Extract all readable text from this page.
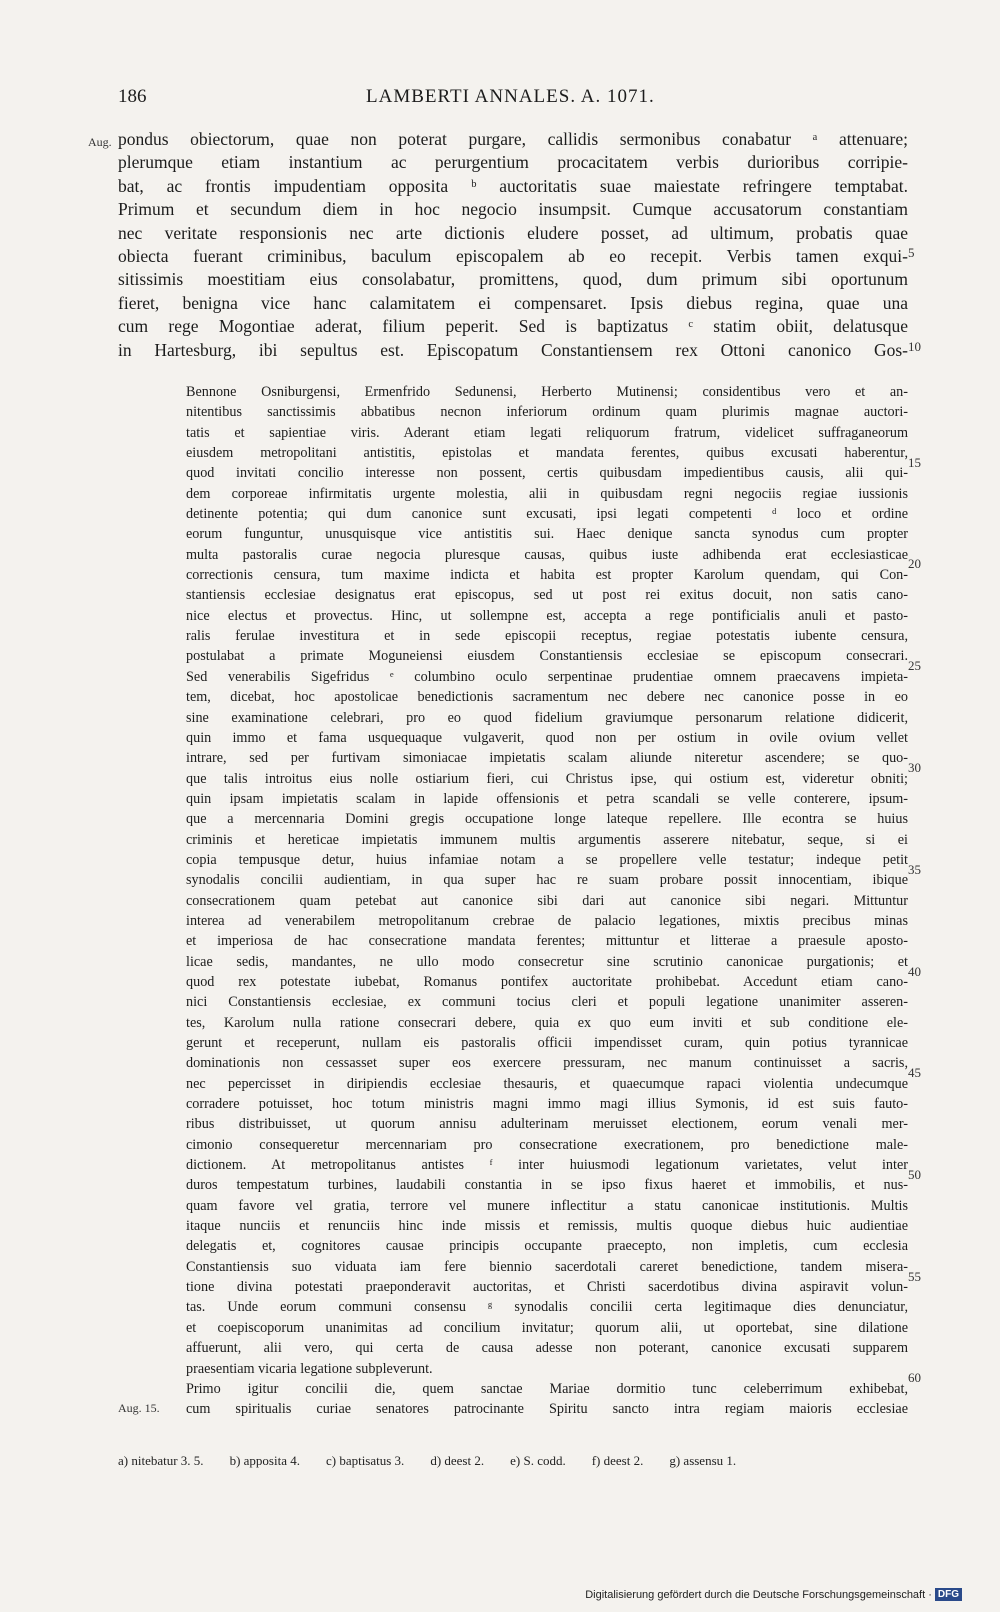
186	LAMBERTI ANNALES. A. 1071.
Aug. pondus obiectorum, quae non poterat purgare, callidis sermonibus conabatur ᵃ attenuare;
plerumque etiam instantium ac perurgentium procacitatem verbis durioribus corripie-
bat, ac frontis impudentiam opposita ᵇ auctoritatis suae maiestate refringere temptabat.
Primum et secundum diem in hoc negocio insumpsit. Cumque accusatorum constantiam
nec veritate responsionis nec arte dictionis eludere posset, ad ultimum, probatis quae
obiecta fuerant criminibus, baculum episcopalem ab eo recepit. Verbis tamen exqui-
sitissimis moestitiam eius consolabatur, promittens, quod, dum primum sibi oportunum
fieret, benigna vice hanc calamitatem ei compensaret. Ipsis diebus regina, quae una
cum rege Mogontiae aderat, filium peperit. Sed is baptizatus ᶜ statim obiit, delatusque
in Hartesburg, ibi sepultus est. Episcopatum Constantiensem rex Ottoni canonico Gos-
5
10
Bennone Osniburgensi, Ermenfrido Sedunensi, Herberto Mutinensi; considentibus vero et an-
nitentibus sanctissimis abbatibus necnon inferiorum ordinum quam plurimis magnae auctori-
tatis et sapientiae viris. Aderant etiam legati reliquorum fratrum, videlicet suffraganeorum
eiusdem metropolitani antistitis, epistolas et mandata ferentes, quibus excusati haberentur,
quod invitati concilio interesse non possent, certis quibusdam impedientibus causis, alii qui-
dem corporeae infirmitatis urgente molestia, alii in quibusdam regni negociis regiae iussionis
detinente potentia; qui dum canonice sunt excusati, ipsi legati competenti ᵈ loco et ordine
eorum funguntur, unusquisque vice antistitis sui. Haec denique sancta synodus cum propter
multa pastoralis curae negocia pluresque causas, quibus iuste adhibenda erat ecclesiasticae
correctionis censura, tum maxime indicta et habita est propter Karolum quendam, qui Con-
stantiensis ecclesiae designatus erat episcopus, sed ut post rei exitus docuit, non satis cano-
nice electus et provectus. Hinc, ut sollempne est, accepta a rege pontificialis anuli et pasto-
ralis ferulae investitura et in sede episcopii receptus, regiae potestatis iubente censura,
postulabat a primate Moguneiensi eiusdem Constantiensis ecclesiae se episcopum consecrari.
Sed venerabilis Sigefridus ᵉ columbino oculo serpentinae prudentiae omnem praecavens impieta-
tem, dicebat, hoc apostolicae benedictionis sacramentum nec debere nec canonice posse in eo
sine examinatione celebrari, pro eo quod fidelium graviumque personarum relatione didicerit,
quin immo et fama usquequaque vulgaverit, quod non per ostium in ovile ovium vellet
intrare, sed per furtivam simoniacae impietatis scalam aliunde niteretur ascendere; se quo-
que talis introitus eius nolle ostiarium fieri, cui Christus ipse, qui ostium est, videretur obniti;
quin ipsam impietatis scalam in lapide offensionis et petra scandali se velle conterere, ipsum-
que a mercennaria Domini gregis occupatione longe lateque repellere. Ille econtra se huius
criminis et hereticae impietatis immunem multis argumentis asserere nitebatur, seque, si ei
copia tempusque detur, huius infamiae notam a se propellere velle testatur; indeque petit
synodalis concilii audientiam, in qua super hac re suam probare possit innocentiam, ibique
consecrationem quam petebat aut canonice sibi dari aut canonice sibi negari. Mittuntur
interea ad venerabilem metropolitanum crebrae de palacio legationes, mixtis precibus minas
et imperiosa de hac consecratione mandata ferentes; mittuntur et litterae a praesule aposto-
licae sedis, mandantes, ne ullo modo consecretur sine scrutinio canonicae purgationis; et
quod rex potestate iubebat, Romanus pontifex auctoritate prohibebat. Accedunt etiam cano-
nici Constantiensis ecclesiae, ex communi tocius cleri et populi legatione unanimiter asseren-
tes, Karolum nulla ratione consecrari debere, quia ex quo eum inviti et sub conditione ele-
gerunt et receperunt, nullam eis pastoralis officii impendisset curam, quin potius tyrannicae
dominationis non cessasset super eos exercere pressuram, nec manum continuisset a sacris,
nec pepercisset in diripiendis ecclesiae thesauris, et quaecumque rapaci violentia undecumque
corradere potuisset, hoc totum ministris magni immo magi illius Symonis, id est suis fauto-
ribus distribuisset, ut quorum annisu adulterinam meruisset electionem, eorum venali mer-
cimonio consequeretur mercennariam pro consecratione execrationem, pro benedictione male-
dictionem. At metropolitanus antistes ᶠ inter huiusmodi legationum varietates, velut inter
duros tempestatum turbines, laudabili constantia in se ipso fixus haeret et immobilis, et nus-
quam favore vel gratia, terrore vel munere inflectitur a statu canonicae institutionis. Multis
itaque nunciis et renunciis hinc inde missis et remissis, multis quoque diebus huic audientiae
delegatis et, cognitores causae principis occupante praecepto, non impletis, cum ecclesia
Constantiensis suo viduata iam fere biennio sacerdotali careret benedictione, tandem misera-
tione divina potestati praeponderavit auctoritas, et Christi sacerdotibus divina aspiravit volun-
tas. Unde eorum communi consensu ᵍ synodalis concilii certa legitimaque dies denunciatur,
et coepiscoporum unanimitas ad concilium invitatur; quorum alii, ut oportebat, sine dilatione
affuerunt, alii vero, qui certa de causa adesse non poterant, canonice excusati supparem
praesentiam vicaria legatione subpleverunt.
Primo igitur concilii die, quem sanctae Mariae dormitio tunc celeberrimum exhibebat,
cum spiritualis curiae senatores patrocinante Spiritu sancto intra regiam maioris ecclesiae
Aug. 15.
15
20
25
30
35
40
45
50
55
60
a) nitebatur 3. 5. b) apposita 4. c) baptisatus 3. d) deest 2. e) S. codd. f) deest 2. g) assensu 1.
Digitalisierung gefördert durch die Deutsche Forschungsgemeinschaft · DFG
